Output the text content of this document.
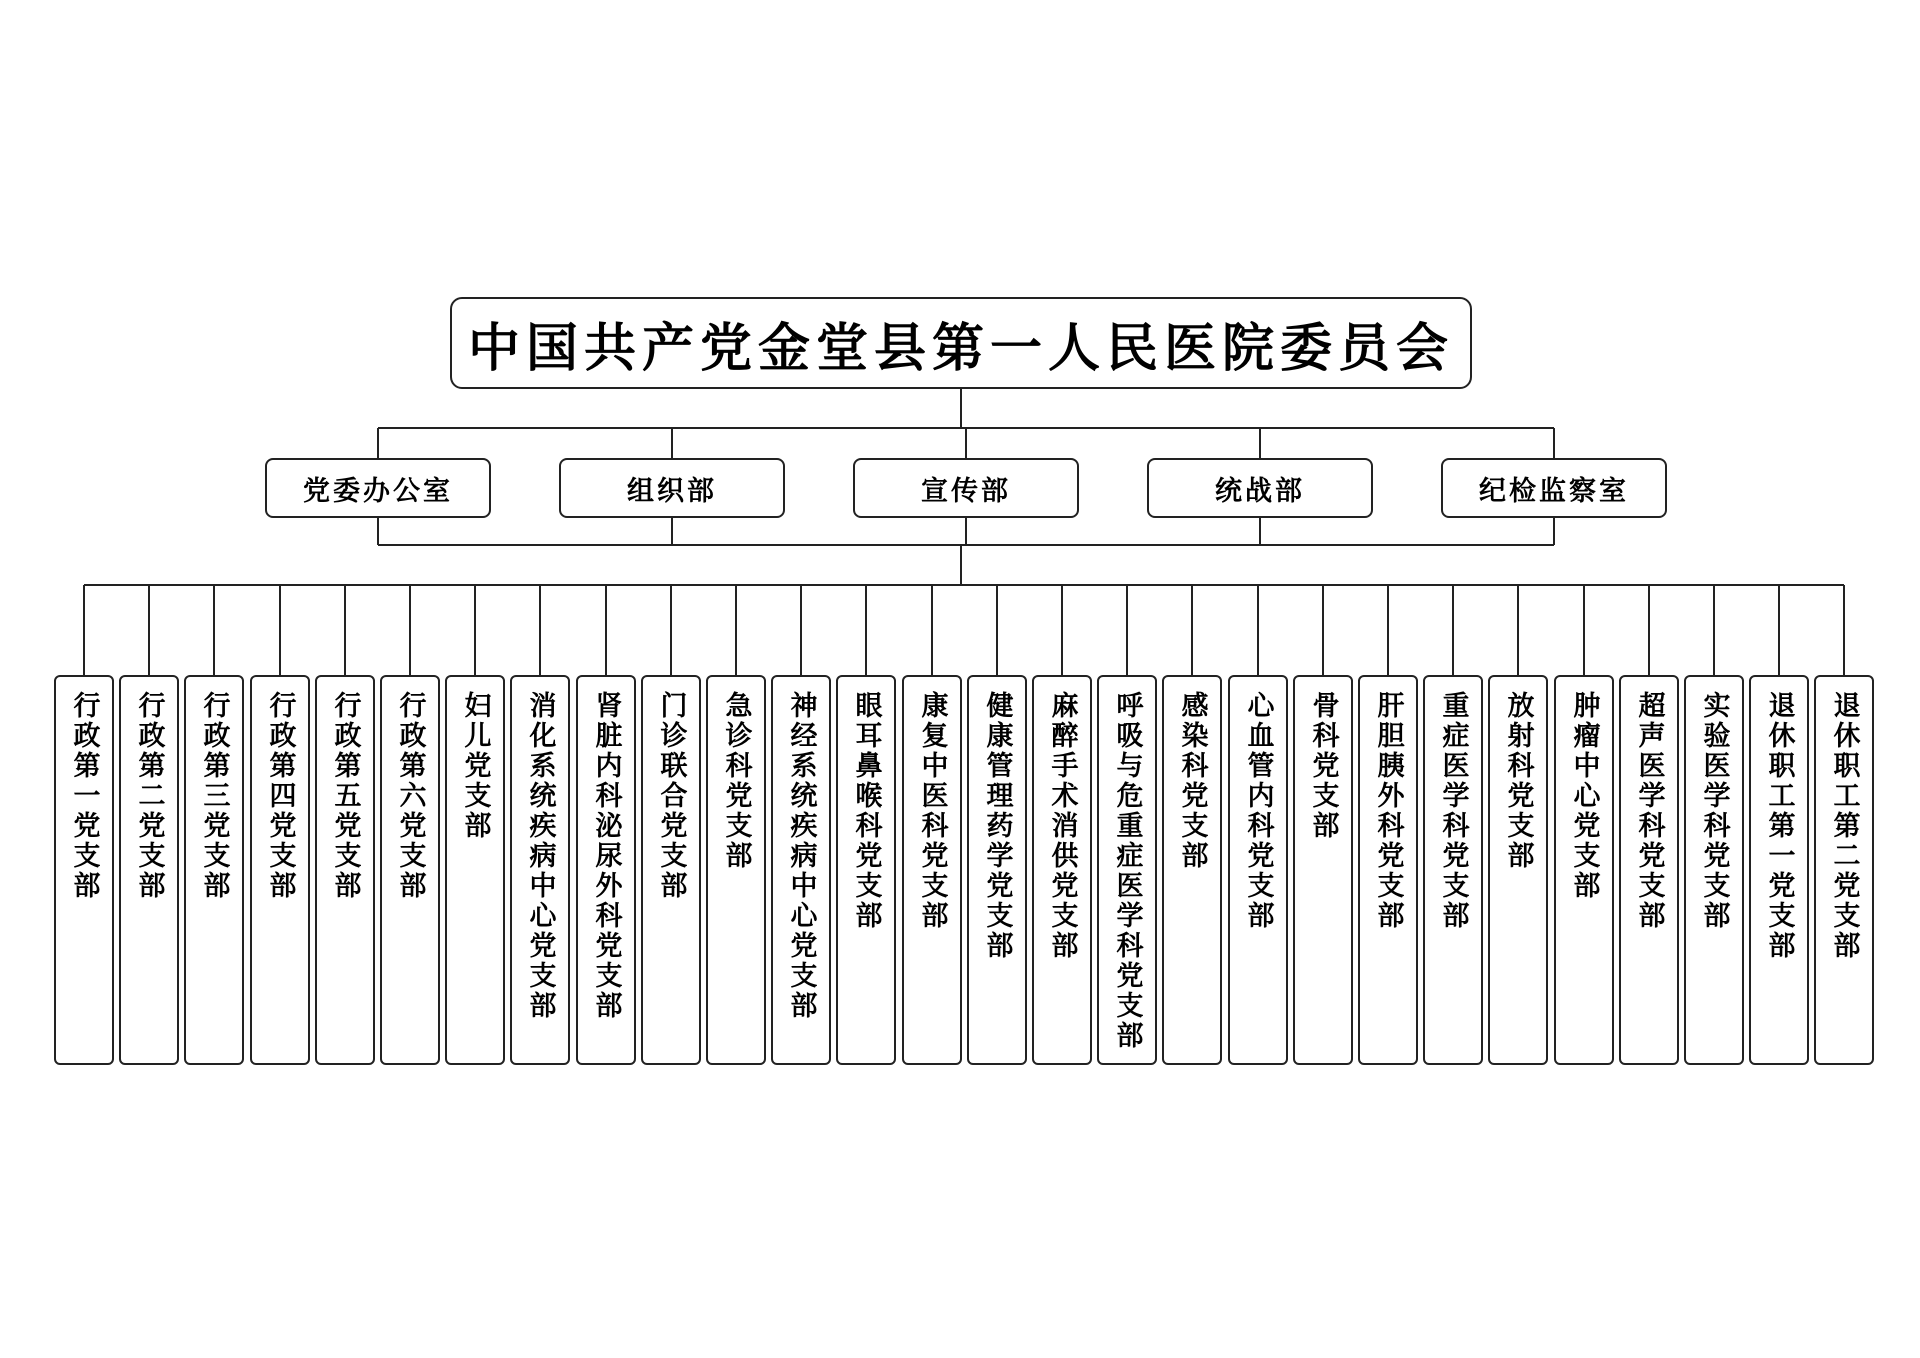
中国共产党金堂县第一人民医院委员会
党委办公室	组织部	宣传部	统战部	纪检监察室
行政第一党支部 行政第二党支部 行政第三党支部 行政第四党支部 行政第五党支部 行政第六党支部 妇儿党支部 消化系统疾病中心党支部 肾脏内科泌尿外科党支部 门诊联合党支部 急诊科党支部 神经系统疾病中心党支部 眼耳鼻喉科党支部 康复中医科党支部 健康管理药学党支部 麻醉手术消供党支部 呼吸与危重症医学科党支部 感染科党支部 心血管内科党支部 骨科党支部 肝胆胰外科党支部 重症医学科党支部 放射科党支部 肿瘤中心党支部 超声医学科党支部 实验医学科党支部 退休职工第一党支部 退休职工第二党支部
